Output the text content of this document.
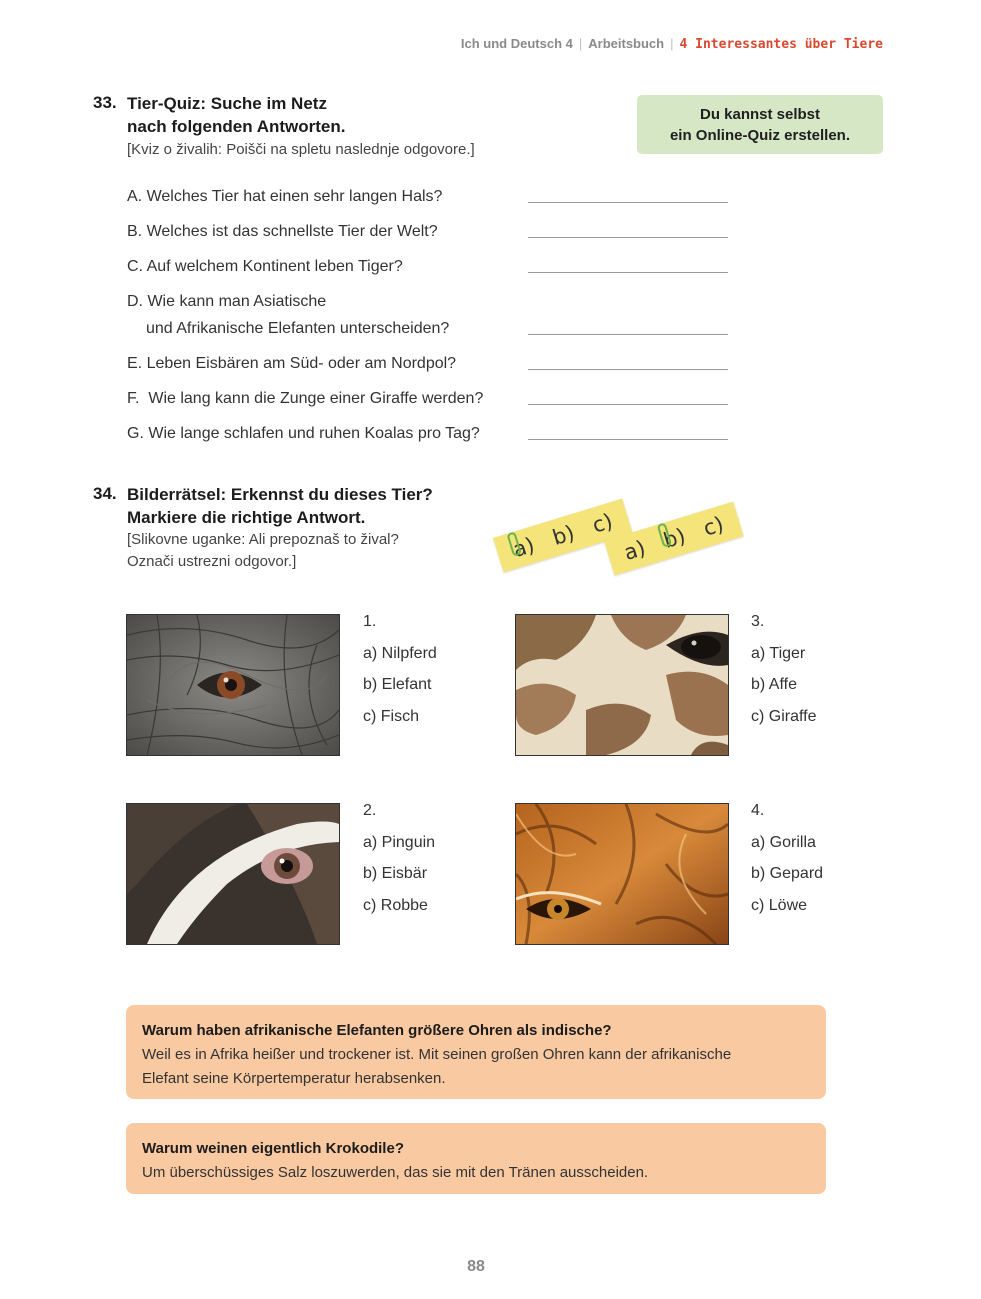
Ich und Deutsch 4 | Arbeitsbuch | 4 Interessantes über Tiere
33. Tier-Quiz: Suche im Netz
nach folgenden Antworten.
[Kviz o živalih: Poišči na spletu naslednje odgovore.]
Du kannst selbst
ein Online-Quiz erstellen.
A. Welches Tier hat einen sehr langen Hals?
B. Welches ist das schnellste Tier der Welt?
C. Auf welchem Kontinent leben Tiger?
D. Wie kann man Asiatische
und Afrikanische Elefanten unterscheiden?
E. Leben Eisbären am Süd- oder am Nordpol?
F.  Wie lang kann die Zunge einer Giraffe werden?
G. Wie lange schlafen und ruhen Koalas pro Tag?
34. Bilderrätsel: Erkennst du dieses Tier?
Markiere die richtige Antwort.
[Slikovne uganke: Ali prepoznaš to žival?
Označi ustrezni odgovor.]	a) b) c)
a) b) c)
1.
a) Nilpferd
b) Elefant
c) Fisch
3.
a) Tiger
b) Affe
c) Giraffe
2.
a) Pinguin
b) Eisbär
c) Robbe
4.
a) Gorilla
b) Gepard
c) Löwe
Warum haben afrikanische Elefanten größere Ohren als indische?
Weil es in Afrika heißer und trockener ist. Mit seinen großen Ohren kann der afrikanische
Elefant seine Körpertemperatur herabsenken.
Warum weinen eigentlich Krokodile?
Um überschüssiges Salz loszuwerden, das sie mit den Tränen ausscheiden.
88
